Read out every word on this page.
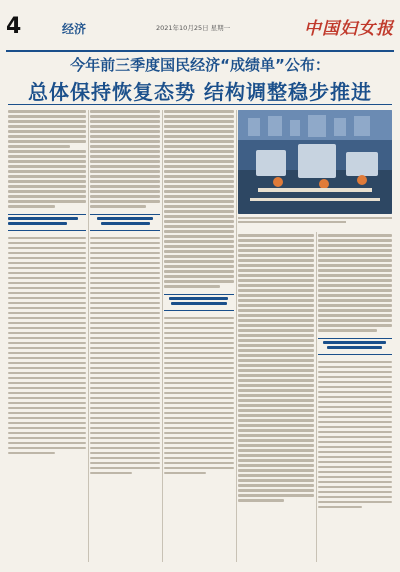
4	经济	2021年10月25日 星期一	中国妇女报
今年前三季度国民经济“成绩单”公布：
总体保持恢复态势 结构调整稳步推进
